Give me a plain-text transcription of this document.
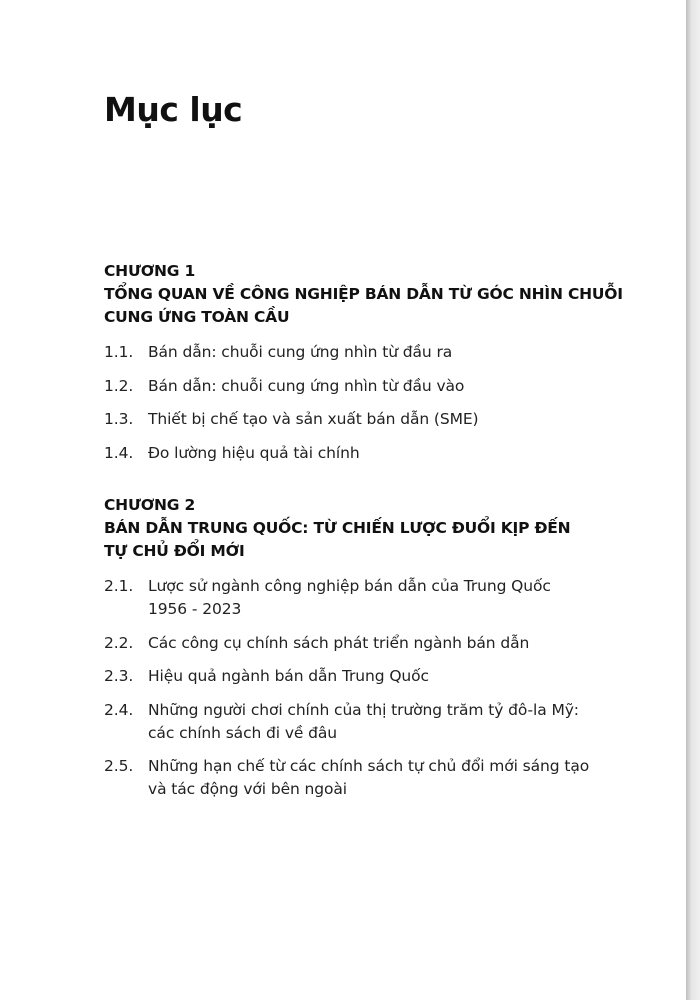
Mục lục
CHƯƠNG 1
TỔNG QUAN VỀ CÔNG NGHIỆP BÁN DẪN TỪ GÓC NHÌN CHUỖI
CUNG ỨNG TOÀN CẦU
1.1. Bán dẫn: chuỗi cung ứng nhìn từ đầu ra
1.2. Bán dẫn: chuỗi cung ứng nhìn từ đầu vào
1.3. Thiết bị chế tạo và sản xuất bán dẫn (SME)
1.4. Đo lường hiệu quả tài chính
CHƯƠNG 2
BÁN DẪN TRUNG QUỐC: TỪ CHIẾN LƯỢC ĐUỔI KỊP ĐẾN
TỰ CHỦ ĐỔI MỚI
2.1. Lược sử ngành công nghiệp bán dẫn của Trung Quốc
1956 - 2023
2.2. Các công cụ chính sách phát triển ngành bán dẫn
2.3. Hiệu quả ngành bán dẫn Trung Quốc
2.4. Những người chơi chính của thị trường trăm tỷ đô-la Mỹ:
các chính sách đi về đâu
2.5. Những hạn chế từ các chính sách tự chủ đổi mới sáng tạo
và tác động với bên ngoài
